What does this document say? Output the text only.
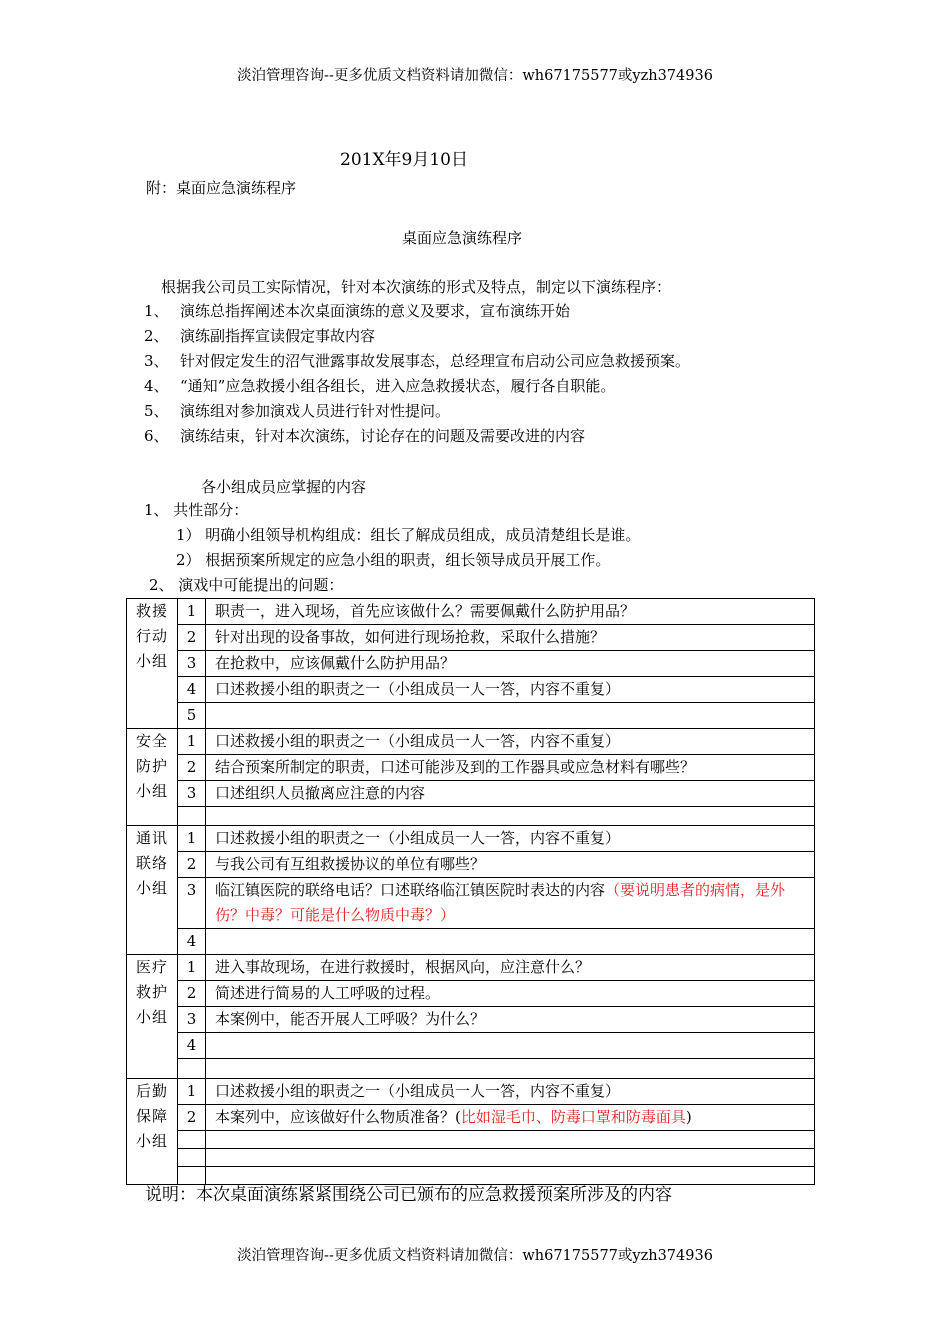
淡泊管理咨询--更多优质文档资料请加微信：wh67175577或yzh374936
201X年9月10日
附：桌面应急演练程序
桌面应急演练程序
根据我公司员工实际情况，针对本次演练的形式及特点，制定以下演练程序：
1、 演练总指挥阐述本次桌面演练的意义及要求，宣布演练开始
2、 演练副指挥宣读假定事故内容
3、 针对假定发生的沼气泄露事故发展事态，总经理宣布启动公司应急救援预案。
4、 “通知”应急救援小组各组长，进入应急救援状态，履行各自职能。
5、 演练组对参加演戏人员进行针对性提问。
6、 演练结束，针对本次演练，讨论存在的问题及需要改进的内容
各小组成员应掌握的内容
1、 共性部分：
1） 明确小组领导机构组成：组长了解成员组成，成员清楚组长是谁。
2） 根据预案所规定的应急小组的职责，组长领导成员开展工作。
2、 演戏中可能提出的问题：
救援行动小组	1	职责一，进入现场，首先应该做什么？需要佩戴什么防护用品？
	2	针对出现的设备事故，如何进行现场抢救，采取什么措施？
	3	在抢救中，应该佩戴什么防护用品？
	4	口述救援小组的职责之一（小组成员一人一答，内容不重复）
	5	

安全防护小组	1	口述救援小组的职责之一（小组成员一人一答，内容不重复）
	2	结合预案所制定的职责，口述可能涉及到的工作器具或应急材料有哪些？
	3	口述组织人员撤离应注意的内容

通讯联络小组	1	口述救援小组的职责之一（小组成员一人一答，内容不重复）
	2	与我公司有互组救援协议的单位有哪些？
	3	临江镇医院的联络电话？口述联络临江镇医院时表达的内容（要说明患者的病情，是外伤？中毒？可能是什么物质中毒？）
	4	

医疗救护小组	1	进入事故现场，在进行救援时，根据风向，应注意什么？
	2	简述进行简易的人工呼吸的过程。
	3	本案例中，能否开展人工呼吸？为什么？
	4	

后勤保障小组	1	口述救援小组的职责之一（小组成员一人一答，内容不重复）
	2	本案列中，应该做好什么物质准备？(比如湿毛巾、防毒口罩和防毒面具)

说明：本次桌面演练紧紧围绕公司已颁布的应急救援预案所涉及的内容
淡泊管理咨询--更多优质文档资料请加微信：wh67175577或yzh374936
